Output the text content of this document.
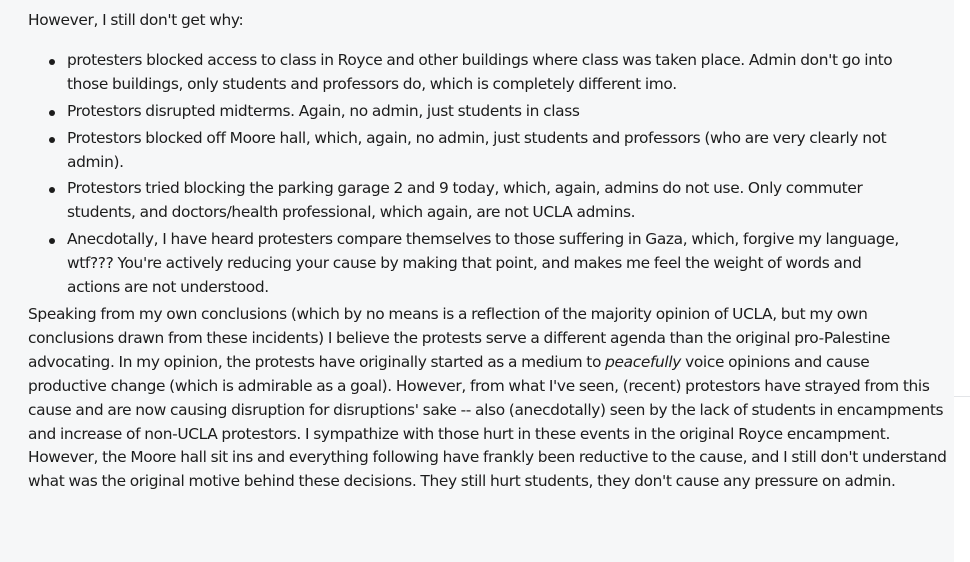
However, I still don't get why:

protesters blocked access to class in Royce and other buildings where class was taken place. Admin don't go into those buildings, only students and professors do, which is completely different imo.
Protestors disrupted midterms. Again, no admin, just students in class
Protestors blocked off Moore hall, which, again, no admin, just students and professors (who are very clearly not admin).
Protestors tried blocking the parking garage 2 and 9 today, which, again, admins do not use. Only commuter students, and doctors/health professional, which again, are not UCLA admins.
Anecdotally, I have heard protesters compare themselves to those suffering in Gaza, which, forgive my language, wtf??? You're actively reducing your cause by making that point, and makes me feel the weight of words and actions are not understood.

Speaking from my own conclusions (which by no means is a reflection of the majority opinion of UCLA, but my own conclusions drawn from these incidents) I believe the protests serve a different agenda than the original pro-Palestine advocating. In my opinion, the protests have originally started as a medium to peacefully voice opinions and cause productive change (which is admirable as a goal). However, from what I've seen, (recent) protestors have strayed from this cause and are now causing disruption for disruptions' sake -- also (anecdotally) seen by the lack of students in encampments and increase of non-UCLA protestors. I sympathize with those hurt in these events in the original Royce encampment. However, the Moore hall sit ins and everything following have frankly been reductive to the cause, and I still don't understand what was the original motive behind these decisions. They still hurt students, they don't cause any pressure on admin.
